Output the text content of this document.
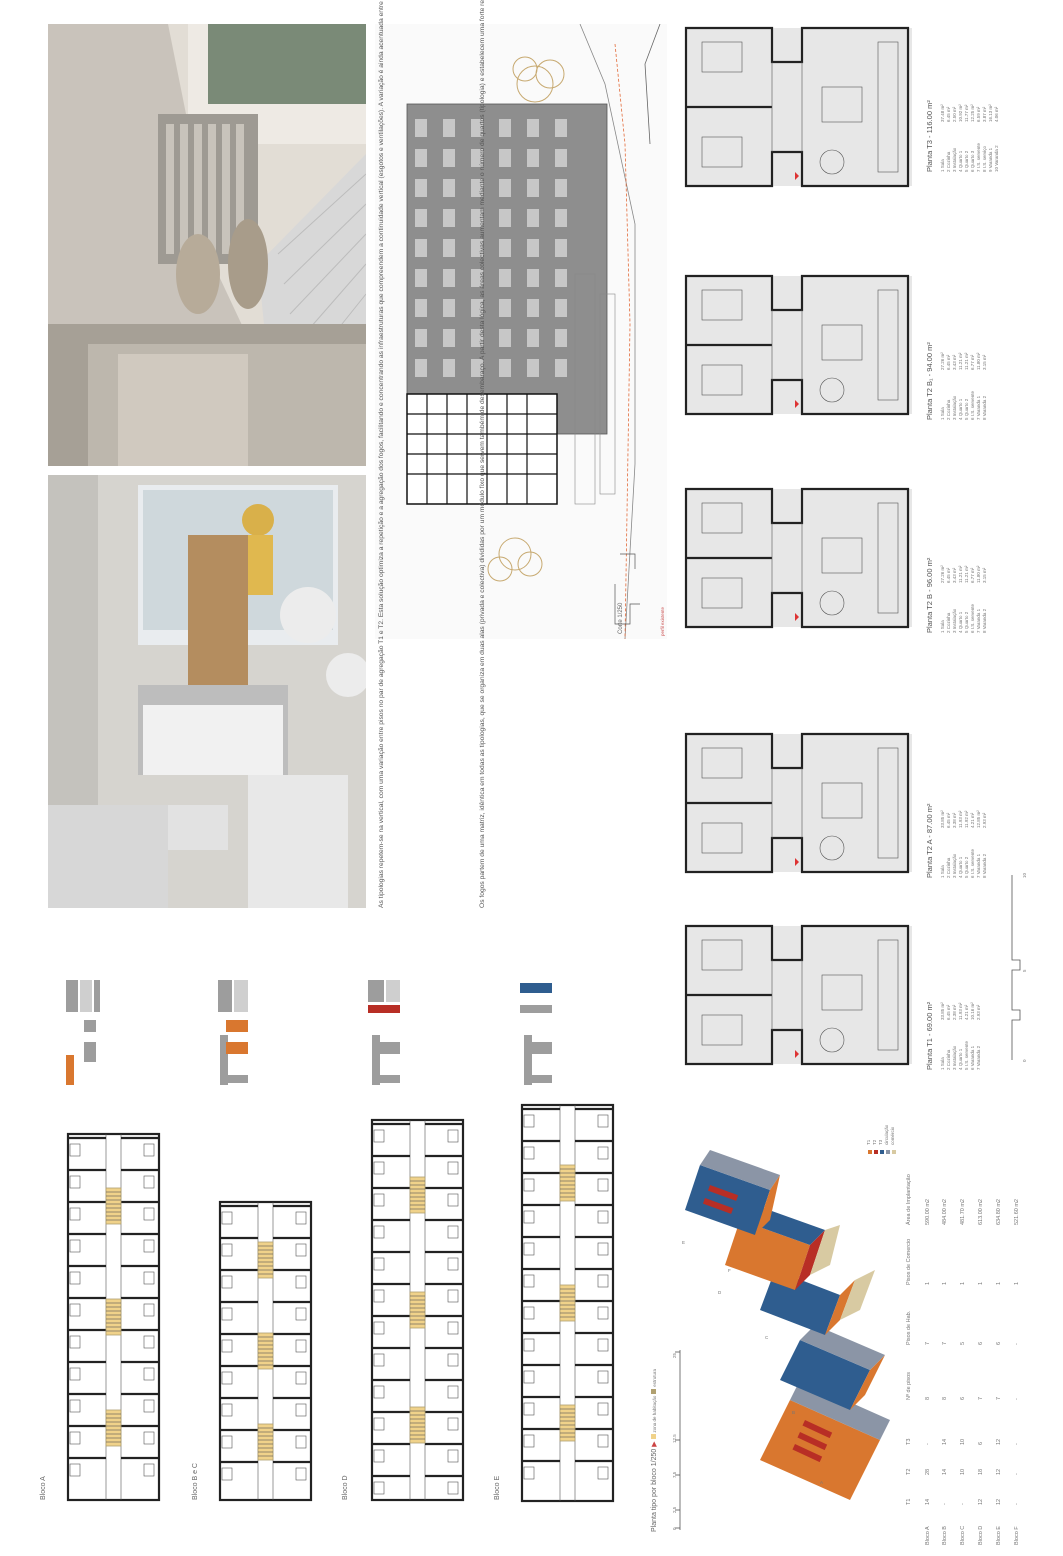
Corte 1/250	perfil existente
Planta T1 - 69.00 m² 1 Sala
33.85 m²
2 Cozinha
6.45 m²
3 Instalação
2.38 m²
4 Quarto 1
11.93 m²
5 I.S. servente
4.21 m²
6 Varanda 1
10.16 m²
7 Varanda 2
2.93 m²
Planta T2 A - 87.00 m² 1 Sala
33.85 m²
2 Cozinha
6.45 m²
3 Instalação
3.38 m²
4 Quarto 1
11.93 m²
5 Quarto 2
11.92 m²
6 I.S. servente
4.21 m²
7 Varanda 1
12.85 m²
8 Varanda 2
2.93 m²
Planta T2 B - 96.00 m² 1 Sala
27.26 m²
2 Cozinha
6.45 m²
3 Instalação
3.43 m²
4 Quarto 1
11.21 m²
5 Quarto 2
11.21 m²
6 I.S. servente
6.77 m²
7 Varanda 1
11.80 m²
8 Varanda 2
3.15 m²
Planta T2 B₁ - 94.00 m² 1 Sala
27.26 m²
2 Cozinha
6.45 m²
3 Instalação
3.43 m²
4 Quarto 1
11.21 m²
5 Quarto 2
11.21 m²
6 I.S. servente
6.77 m²
7 Varanda 1
11.80 m²
8 Varanda 2
3.15 m²
Planta T3 - 116.00 m² 1 Sala
37.48 m²
2 Cozinha
6.45 m²
3 Instalação
2.50 m²
4 Quarto 1
10.92 m²
5 Quarto 2
11.77 m²
6 Quarto 3
12.25 m²
7 I.S. servente
6.59 m²
8 I.S. serviço
3.87 m²
9 Varanda 1
16.13 m²
10 Varanda 2
4.06 m²
Bloco A	Bloco B e C	Bloco D	Bloco E	Planta tipo por bloco 1/250 ▶  zona de habitação  estrutura
0
2.5
7.5
12.5
25
0
5
10
T1
T2
T3
Nº de pisos
Pisos de Hab.
Pisos de Comercio
Área de Implantação
Bloco A
14
28
-
8
7
1
590.00 m2
Bloco B
-
14
14
8
7
1
484.00 m2
Bloco C
-
10
10
6
5
1
481.70 m2
Bloco D
12
18
6
7
6
1
613.00 m2
Bloco E
12
12
12
7
6
1
634.80 m2
Bloco F
-
-
-
-
-
1
521.60 m2
A
B
C
D
E
F
T1 T2 T3 circulação comércio
